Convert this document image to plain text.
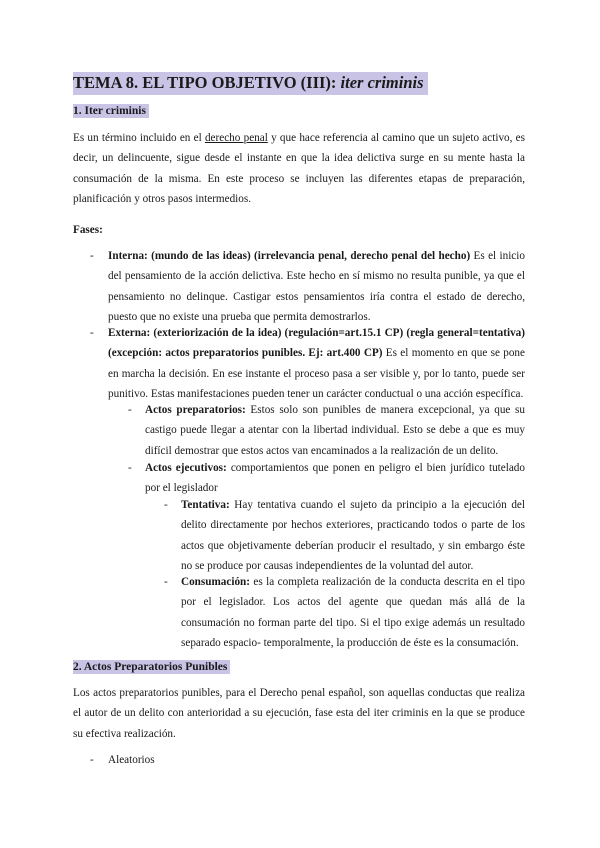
TEMA 8. EL TIPO OBJETIVO (III): iter criminis
1. Iter criminis

Es un término incluido en el derecho penal y que hace referencia al camino que un sujeto activo, es decir, un delincuente, sigue desde el instante en que la idea delictiva surge en su mente hasta la consumación de la misma. En este proceso se incluyen las diferentes etapas de preparación, planificación y otros pasos intermedios.

Fases:

- Interna: (mundo de las ideas) (irrelevancia penal, derecho penal del hecho) Es el inicio del pensamiento de la acción delictiva. Este hecho en sí mismo no resulta punible, ya que el pensamiento no delinque. Castigar estos pensamientos iría contra el estado de derecho, puesto que no existe una prueba que permita demostrarlos.

- Externa: (exteriorización de la idea) (regulación=art.15.1 CP) (regla general=tentativa) (excepción: actos preparatorios punibles. Ej: art.400 CP) Es el momento en que se pone en marcha la decisión. En ese instante el proceso pasa a ser visible y, por lo tanto, puede ser punitivo. Estas manifestaciones pueden tener un carácter conductual o una acción específica.

- Actos preparatorios: Estos solo son punibles de manera excepcional, ya que su castigo puede llegar a atentar con la libertad individual. Esto se debe a que es muy difícil demostrar que estos actos van encaminados a la realización de un delito.

- Actos ejecutivos: comportamientos que ponen en peligro el bien jurídico tutelado por el legislador

- Tentativa: Hay tentativa cuando el sujeto da principio a la ejecución del delito directamente por hechos exteriores, practicando todos o parte de los actos que objetivamente deberían producir el resultado, y sin embargo éste no se produce por causas independientes de la voluntad del autor.

- Consumación: es la completa realización de la conducta descrita en el tipo por el legislador. Los actos del agente que quedan más allá de la consumación no forman parte del tipo. Si el tipo exige además un resultado separado espacio- temporalmente, la producción de éste es la consumación.

2. Actos Preparatorios Punibles

Los actos preparatorios punibles, para el Derecho penal español, son aquellas conductas que realiza el autor de un delito con anterioridad a su ejecución, fase esta del iter criminis en la que se produce su efectiva realización.

- Aleatorios
